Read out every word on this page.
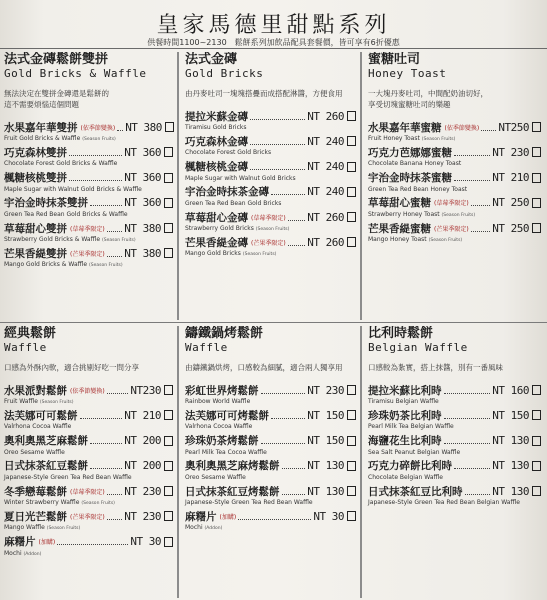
皇家馬德里甜點系列
供餐時間1100~2130　鬆餅系列加飲品配具套餐價，皆可享有6折優惠
法式金磚鬆餅雙拼
Gold Bricks & Waffle
無法決定在雙拼金磚還是鬆餅的
這不需要煩惱這個問題
水果嘉年華雙拼 (依季節變換) NT 380
Fruit Gold Bricks & Waffle (Season Fruits)
巧克森林雙拼	NT 360
Chocolate Forest Gold Bricks & Waffle
楓糖核桃雙拼	NT 360
Maple Sugar with Walnut Gold Bricks & Waffle
宇治金時抹茶雙拼	NT 360
Green Tea Red Bean Gold Bricks & Waffle
草莓甜心雙拼 (草莓季限定) NT 380
Strawberry Gold Bricks & Waffle (Season Fruits)
芒果香緹雙拼 (芒果季限定) NT 380
Mango Gold Bricks & Waffle (Season Fruits)
法式金磚
Gold Bricks
由丹麥吐司一塊塊搭疊而成搭配淋醬，方便食用
提拉米蘇金磚	NT 260
Tiramisu Gold Bricks
巧克森林金磚	NT 240
Chocolate Forest Gold Bricks
楓糖核桃金磚	NT 240
Maple Sugar with Walnut Gold Bricks
宇治金時抹茶金磚	NT 240
Green Tea Red Bean Gold Bricks
草莓甜心金磚 (草莓季限定) NT 260
Strawberry Gold Bricks (Season Fruits)
芒果香緹金磚 (芒果季限定) NT 260
Mango Gold Bricks (Season Fruits)
蜜糖吐司
Honey Toast
一大塊丹麥吐司，中間配奶油切好，
享受切塊蜜糖吐司的樂趣
水果嘉年華蜜糖 (依季節變換) NT250
Fruit Honey Toast (Season Fruits)
巧克力芭娜娜蜜糖	NT 230
Chocolate Banana Honey Toast
宇治金時抹茶蜜糖	NT 210
Green Tea Red Bean Honey Toast
草莓甜心蜜糖 (草莓季限定) NT 250
Strawberry Honey Toast (Season Fruits)
芒果香緹蜜糖 (芒果季限定) NT 250
Mango Honey Toast (Season Fruits)
經典鬆餅
Waffle
口感為外酥內軟，適合挑剔好吃一問分享
水果派對鬆餅 (依季節變換) NT230
Fruit Waffle (Season Fruits)
法芙娜可可鬆餅	NT 210
Valrhona Cocoa Waffle
奧利奧黑芝麻鬆餅	NT 200
Oreo Sesame Waffle
日式抹茶紅豆鬆餅	NT 200
Japanese-Style Green Tea Red Bean Waffle
冬季戀莓鬆餅 (草莓季限定) NT 230
Winter Strawberry Waffle (Season Fruits)
夏日光芒鬆餅 (芒果季限定) NT 230
Mango Waffle (Season Fruits)
麻糬片 (加購)	NT 30
Mochi (Addon)
鑄鐵鍋烤鬆餅
Waffle
由鑄鐵鍋烘烤，口感較為細膩，適合兩人獨享用
彩虹世界烤鬆餅	NT 230
Rainbow World Waffle
法芙娜可可烤鬆餅	NT 150
Valrhona Cocoa Waffle
珍珠奶茶烤鬆餅	NT 150
Pearl Milk Tea Cocoa Waffle
奧利奧黑芝麻烤鬆餅	NT 130
Oreo Sesame Waffle
日式抹茶紅豆烤鬆餅	NT 130
Japanese-Style Green Tea Red Bean Waffle
麻糬片 (加購)	NT 30
Mochi (Addon)
比利時鬆餅
Belgian Waffle
口感較為紮實，搭上抹醬，別有一番風味
提拉米蘇比利時	NT 160
Tiramisu Belgian Waffle
珍珠奶茶比利時	NT 150
Pearl Milk Tea Belgian Waffle
海鹽花生比利時	NT 130
Sea Salt Peanut Belgian Waffle
巧克力碎餅比利時	NT 130
Chocolate Belgian Waffle
日式抹茶紅豆比利時	NT 130
Japanese-Style Green Tea Red Bean Belgian Waffle
